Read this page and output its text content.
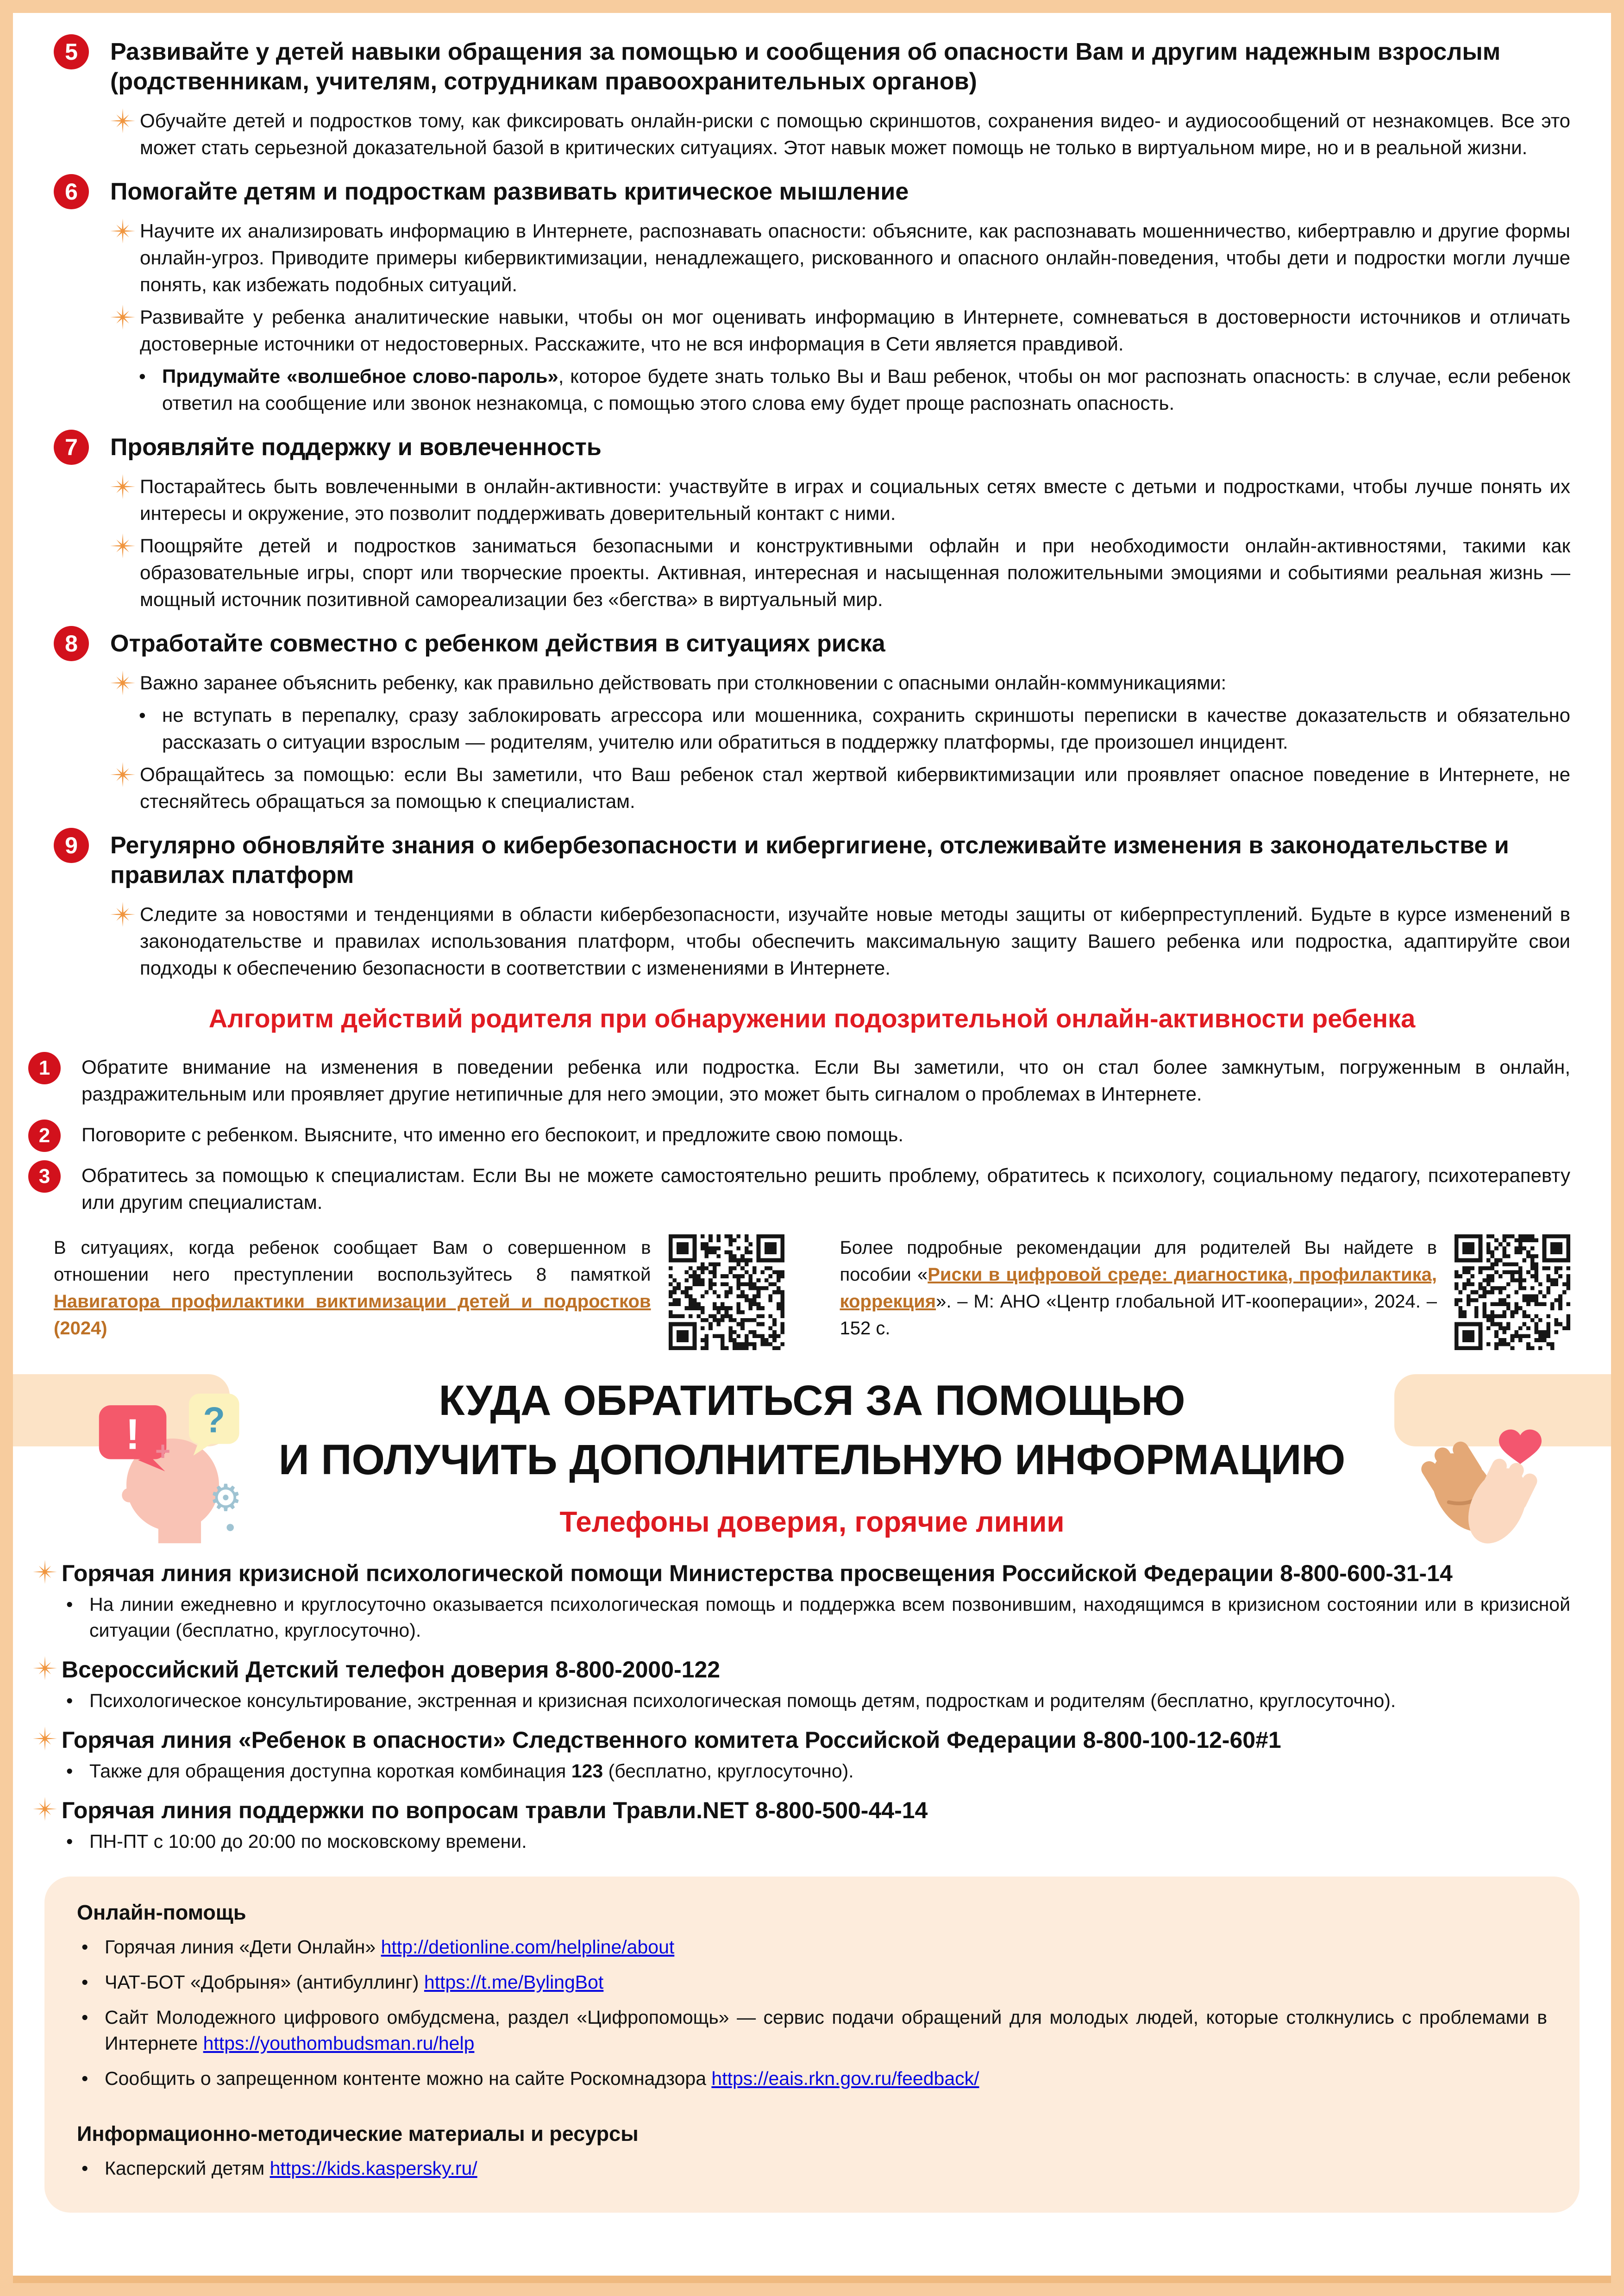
5 Развивайте у детей навыки обращения за помощью и сообщения об опасности Вам и другим надежным взрослым (родственникам, учителям, сотрудникам правоохранительных органов)
Обучайте детей и подростков тому, как фиксировать онлайн-риски с помощью скриншотов, сохранения видео- и аудиосообщений от незнакомцев. Все это может стать серьезной доказательной базой в критических ситуациях. Этот навык может помощь не только в виртуальном мире, но и в реальной жизни.
6 Помогайте детям и подросткам развивать критическое мышление
Научите их анализировать информацию в Интернете, распознавать опасности: объясните, как распознавать мошенничество, кибертравлю и другие формы онлайн-угроз. Приводите примеры кибервиктимизации, ненадлежащего, рискованного и опасного онлайн-поведения, чтобы дети и подростки могли лучше понять, как избежать подобных ситуаций.
Развивайте у ребенка аналитические навыки, чтобы он мог оценивать информацию в Интернете, сомневаться в достоверности источников и отличать достоверные источники от недостоверных. Расскажите, что не вся информация в Сети является правдивой.
• Придумайте «волшебное слово-пароль», которое будете знать только Вы и Ваш ребенок, чтобы он мог распознать опасность: в случае, если ребенок ответил на сообщение или звонок незнакомца, с помощью этого слова ему будет проще распознать опасность.
7 Проявляйте поддержку и вовлеченность
Постарайтесь быть вовлеченными в онлайн-активности: участвуйте в играх и социальных сетях вместе с детьми и подростками, чтобы лучше понять их интересы и окружение, это позволит поддерживать доверительный контакт с ними.
Поощряйте детей и подростков заниматься безопасными и конструктивными офлайн и при необходимости онлайн-активностями, такими как образовательные игры, спорт или творческие проекты. Активная, интересная и насыщенная положительными эмоциями и событиями реальная жизнь — мощный источник позитивной самореализации без «бегства» в виртуальный мир.
8 Отработайте совместно с ребенком действия в ситуациях риска
Важно заранее объяснить ребенку, как правильно действовать при столкновении с опасными онлайн-коммуникациями:
• не вступать в перепалку, сразу заблокировать агрессора или мошенника, сохранить скриншоты переписки в качестве доказательств и обязательно рассказать о ситуации взрослым — родителям, учителю или обратиться в поддержку платформы, где произошел инцидент.
Обращайтесь за помощью: если Вы заметили, что Ваш ребенок стал жертвой кибервиктимизации или проявляет опасное поведение в Интернете, не стесняйтесь обращаться за помощью к специалистам.
9 Регулярно обновляйте знания о кибербезопасности и кибергигиене, отслеживайте изменения в законодательстве и правилах платформ
Следите за новостями и тенденциями в области кибербезопасности, изучайте новые методы защиты от киберпреступлений. Будьте в курсе изменений в законодательстве и правилах использования платформ, чтобы обеспечить максимальную защиту Вашего ребенка или подростка, адаптируйте свои подходы к обеспечению безопасности в соответствии с изменениями в Интернете.
Алгоритм действий родителя при обнаружении подозрительной онлайн-активности ребенка
1 Обратите внимание на изменения в поведении ребенка или подростка. Если Вы заметили, что он стал более замкнутым, погруженным в онлайн, раздражительным или проявляет другие нетипичные для него эмоции, это может быть сигналом о проблемах в Интернете.
2 Поговорите с ребенком. Выясните, что именно его беспокоит, и предложите свою помощь.
3 Обратитесь за помощью к специалистам. Если Вы не можете самостоятельно решить проблему, обратитесь к психологу, социальному педагогу, психотерапевту или другим специалистам.
В ситуациях, когда ребенок сообщает Вам о совершенном в отношении него преступлении воспользуйтесь 8 памяткой Навигатора профилактики виктимизации детей и подростков (2024)
Более подробные рекомендации для родителей Вы найдете в пособии «Риски в цифровой среде: диагностика, профилактика, коррекция». – М: АНО «Центр глобальной ИТ-кооперации», 2024. – 152 с.
! ?
+
⚙
КУДА ОБРАТИТЬСЯ ЗА ПОМОЩЬЮ
И ПОЛУЧИТЬ ДОПОЛНИТЕЛЬНУЮ ИНФОРМАЦИЮ
Телефоны доверия, горячие линии
Горячая линия кризисной психологической помощи Министерства просвещения Российской Федерации 8-800-600-31-14
• На линии ежедневно и круглосуточно оказывается психологическая помощь и поддержка всем позвонившим, находящимся в кризисном состоянии или в кризисной ситуации (бесплатно, круглосуточно).
Всероссийский Детский телефон доверия 8-800-2000-122
• Психологическое консультирование, экстренная и кризисная психологическая помощь детям, подросткам и родителям (бесплатно, круглосуточно).
Горячая линия «Ребенок в опасности» Следственного комитета Российской Федерации 8-800-100-12-60#1
• Также для обращения доступна короткая комбинация 123 (бесплатно, круглосуточно).
Горячая линия поддержки по вопросам травли Травли.NET 8-800-500-44-14
• ПН-ПТ с 10:00 до 20:00 по московскому времени.
Онлайн-помощь
• Горячая линия «Дети Онлайн» http://detionline.com/helpline/about
• ЧАТ-БОТ «Добрыня» (антибуллинг) https://t.me/BylingBot
• Сайт Молодежного цифрового омбудсмена, раздел «Цифропомощь» — сервис подачи обращений для молодых людей, которые столкнулись с проблемами в Интернете https://youthombudsman.ru/help
• Сообщить о запрещенном контенте можно на сайте Роскомнадзора https://eais.rkn.gov.ru/feedback/
Информационно-методические материалы и ресурсы
• Касперский детям https://kids.kaspersky.ru/
